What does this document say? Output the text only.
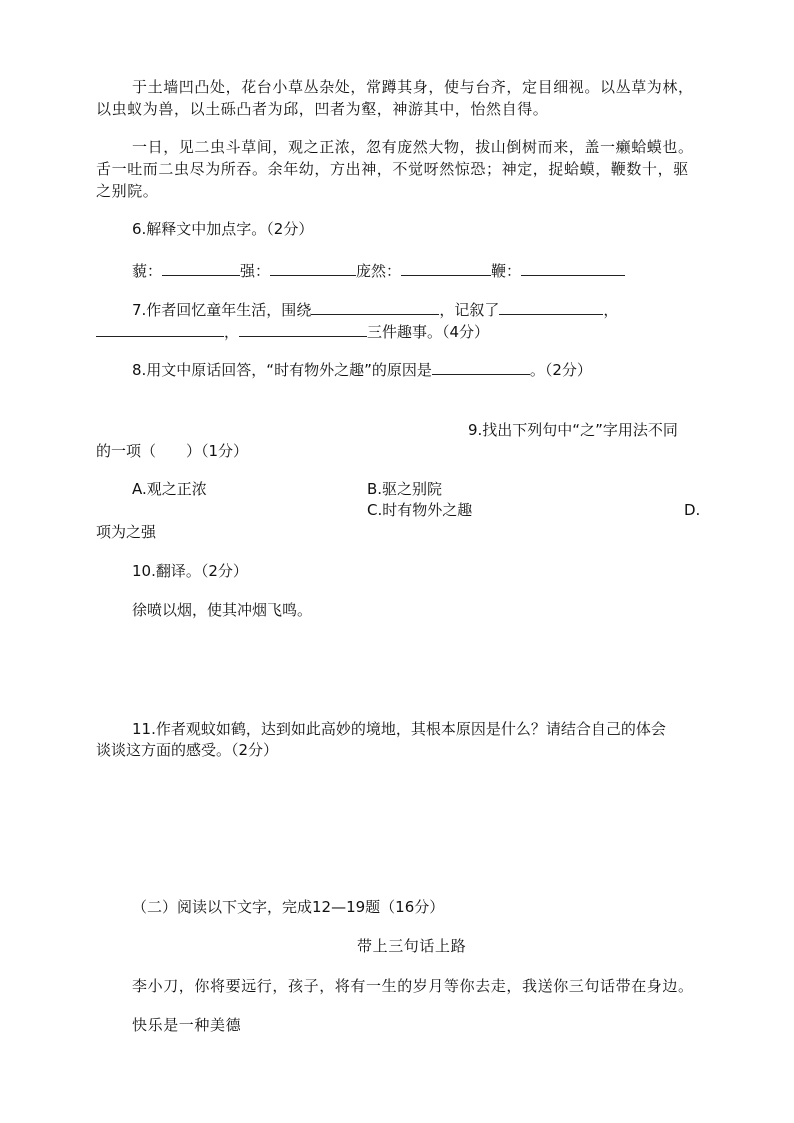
于土墙凹凸处，花台小草丛杂处，常蹲其身，使与台齐，定目细视。以丛草为林，
以虫蚁为兽，以土砾凸者为邱，凹者为壑，神游其中，怡然自得。
一日，见二虫斗草间，观之正浓，忽有庞然大物，拔山倒树而来，盖一癞蛤蟆也。
舌一吐而二虫尽为所吞。余年幼，方出神，不觉呀然惊恐；神定，捉蛤蟆，鞭数十，驱
之别院。
6.解释文中加点字。（2分）
藐：	强：	庞然：	鞭：
7.作者回忆童年生活，围绕	，记叙了	，
，	三件趣事。（4分）
8.用文中原话回答，“时有物外之趣”的原因是	。（2分）
9.找出下列句中“之”字用法不同
的一项（　　）（1分）
A.观之正浓	B.驱之别院
C.时有物外之趣	D.
项为之强
10.翻译。（2分）
徐喷以烟，使其冲烟飞鸣。
11.作者观蚊如鹤，达到如此高妙的境地，其根本原因是什么？请结合自己的体会
谈谈这方面的感受。（2分）
（二）阅读以下文字，完成12—19题（16分）
带上三句话上路
李小刀，你将要远行，孩子，将有一生的岁月等你去走，我送你三句话带在身边。
快乐是一种美德
